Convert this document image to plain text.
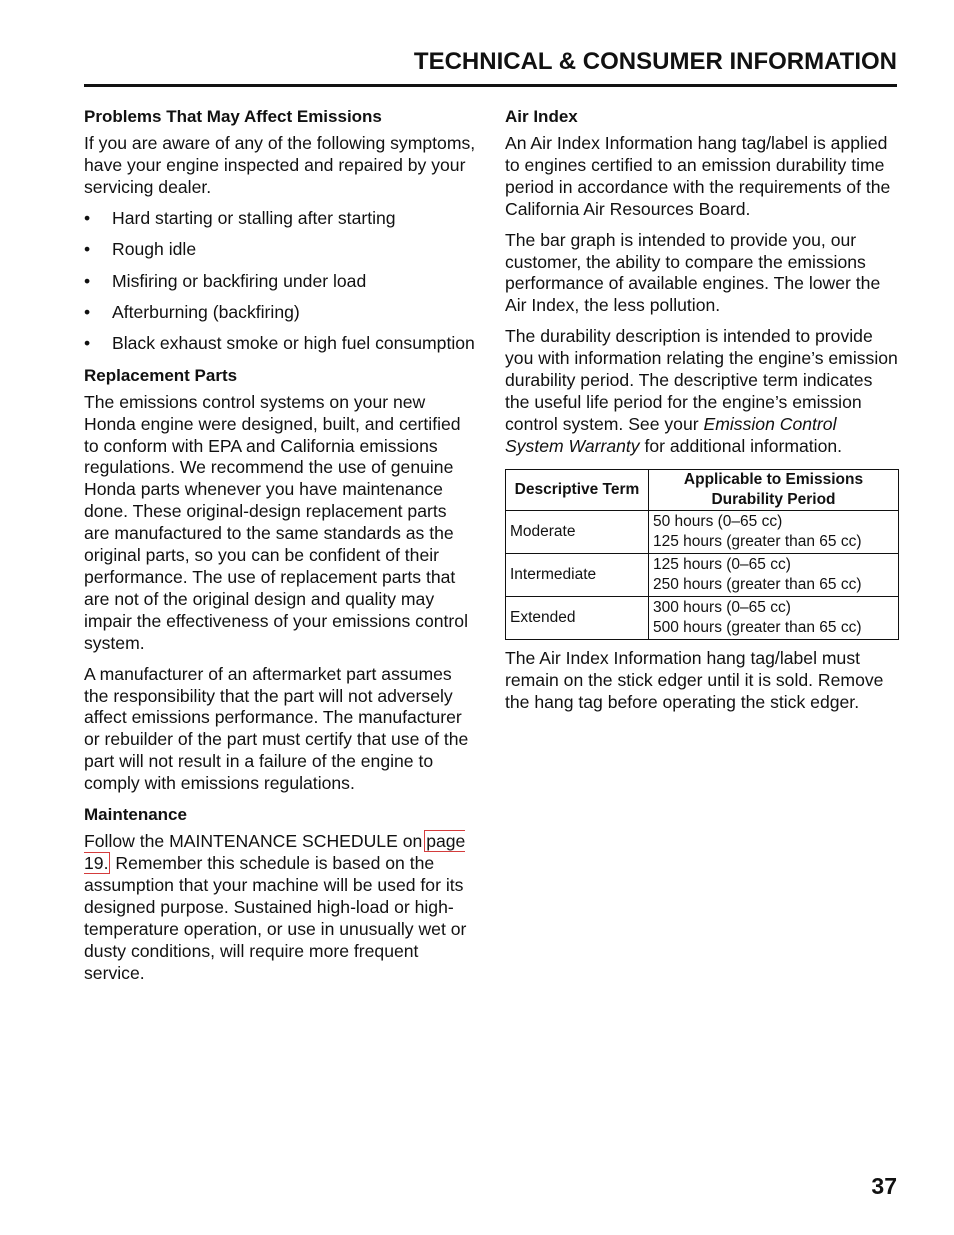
TECHNICAL & CONSUMER INFORMATION
Problems That May Affect Emissions

If you are aware of any of the following symptoms, have your engine inspected and repaired by your servicing dealer.

• Hard starting or stalling after starting
• Rough idle
• Misfiring or backfiring under load
• Afterburning (backfiring)
• Black exhaust smoke or high fuel consumption
Replacement Parts

The emissions control systems on your new Honda engine were designed, built, and certified to conform with EPA and California emissions regulations. We recommend the use of genuine Honda parts whenever you have maintenance done. These original-design replacement parts are manufactured to the same standards as the original parts, so you can be confident of their performance. The use of replacement parts that are not of the original design and quality may impair the effectiveness of your emissions control system.

A manufacturer of an aftermarket part assumes the responsibility that the part will not adversely affect emissions performance. The manufacturer or rebuilder of the part must certify that use of the part will not result in a failure of the engine to comply with emissions regulations.

Maintenance

Follow the MAINTENANCE SCHEDULE on page 19. Remember this schedule is based on the assumption that your machine will be used for its designed purpose. Sustained high-load or high-temperature operation, or use in unusually wet or dusty conditions, will require more frequent service.

Air Index

An Air Index Information hang tag/label is applied to engines certified to an emission durability time period in accordance with the requirements of the California Air Resources Board.

The bar graph is intended to provide you, our customer, the ability to compare the emissions performance of available engines. The lower the Air Index, the less pollution.

The durability description is intended to provide you with information relating the engine’s emission durability period. The descriptive term indicates the useful life period for the engine’s emission control system. See your Emission Control System Warranty for additional information.

Descriptive Term	Applicable to Emissions Durability Period
Moderate	50 hours (0–65 cc)
125 hours (greater than 65 cc)

Intermediate	125 hours (0–65 cc)
250 hours (greater than 65 cc)

Extended	300 hours (0–65 cc)
500 hours (greater than 65 cc)

The Air Index Information hang tag/label must remain on the stick edger until it is sold. Remove the hang tag before operating the stick edger.

37
